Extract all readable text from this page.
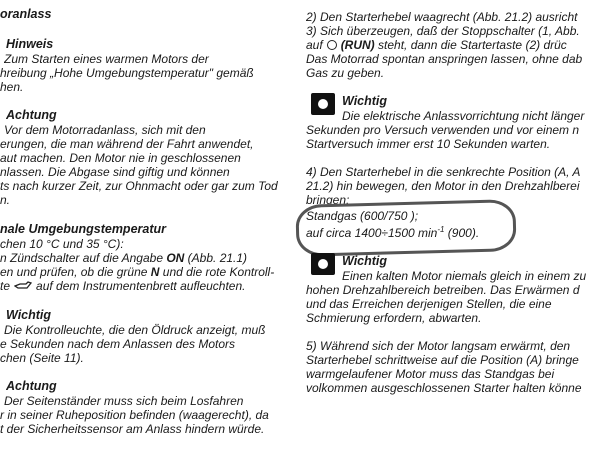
oranlass
Hinweis
Zum Starten eines warmen Motors der
hreibung „Hohe Umgebungstemperatur" gemäß
hen.
Achtung
Vor dem Motorradanlass, sich mit den
erungen, die man während der Fahrt anwendet,
aut machen. Den Motor nie in geschlossenen
nlassen. Die Abgase sind giftig und können
ts nach kurzer Zeit, zur Ohnmacht oder gar zum Tod
n.
nale Umgebungstemperatur
chen 10 °C und 35 °C):
n Zündschalter auf die Angabe ON (Abb. 21.1)
en und prüfen, ob die grüne N und die rote Kontroll-
te auf dem Instrumentenbrett aufleuchten.
Wichtig
Die Kontrolleuchte, die den Öldruck anzeigt, muß
e Sekunden nach dem Anlassen des Motors
chen (Seite 11).
Achtung
Der Seitenständer muss sich beim Losfahren
r in seiner Ruheposition befinden (waagerecht), da
t der Sicherheitssensor am Anlass hindern würde.
2) Den Starterhebel waagrecht (Abb. 21.2) ausricht
3) Sich überzeugen, daß der Stoppschalter (1, Abb.
auf (RUN) steht, dann die Startertaste (2) drüc
Das Motorrad spontan anspringen lassen, ohne dab
Gas zu geben.
Wichtig
Die elektrische Anlassvorrichtung nicht länger
Sekunden pro Versuch verwenden und vor einem n
Startversuch immer erst 10 Sekunden warten.
4) Den Starterhebel in die senkrechte Position (A, A
21.2) hin bewegen, den Motor in den Drehzahlberei
bringen:
Standgas (600/750 );
auf circa 1400÷1500 $\min^{-1} (900)$.
Wichtig
Einen kalten Motor niemals gleich in einem zu
hohen Drehzahlbereich betreiben. Das Erwärmen d
und das Erreichen derjenigen Stellen, die eine
Schmierung erfordern, abwarten.
5) Während sich der Motor langsam erwärmt, den
Starterhebel schrittweise auf die Position (A) bringe
warmgelaufener Motor muss das Standgas bei
volkommen ausgeschlossenen Starter halten könne
